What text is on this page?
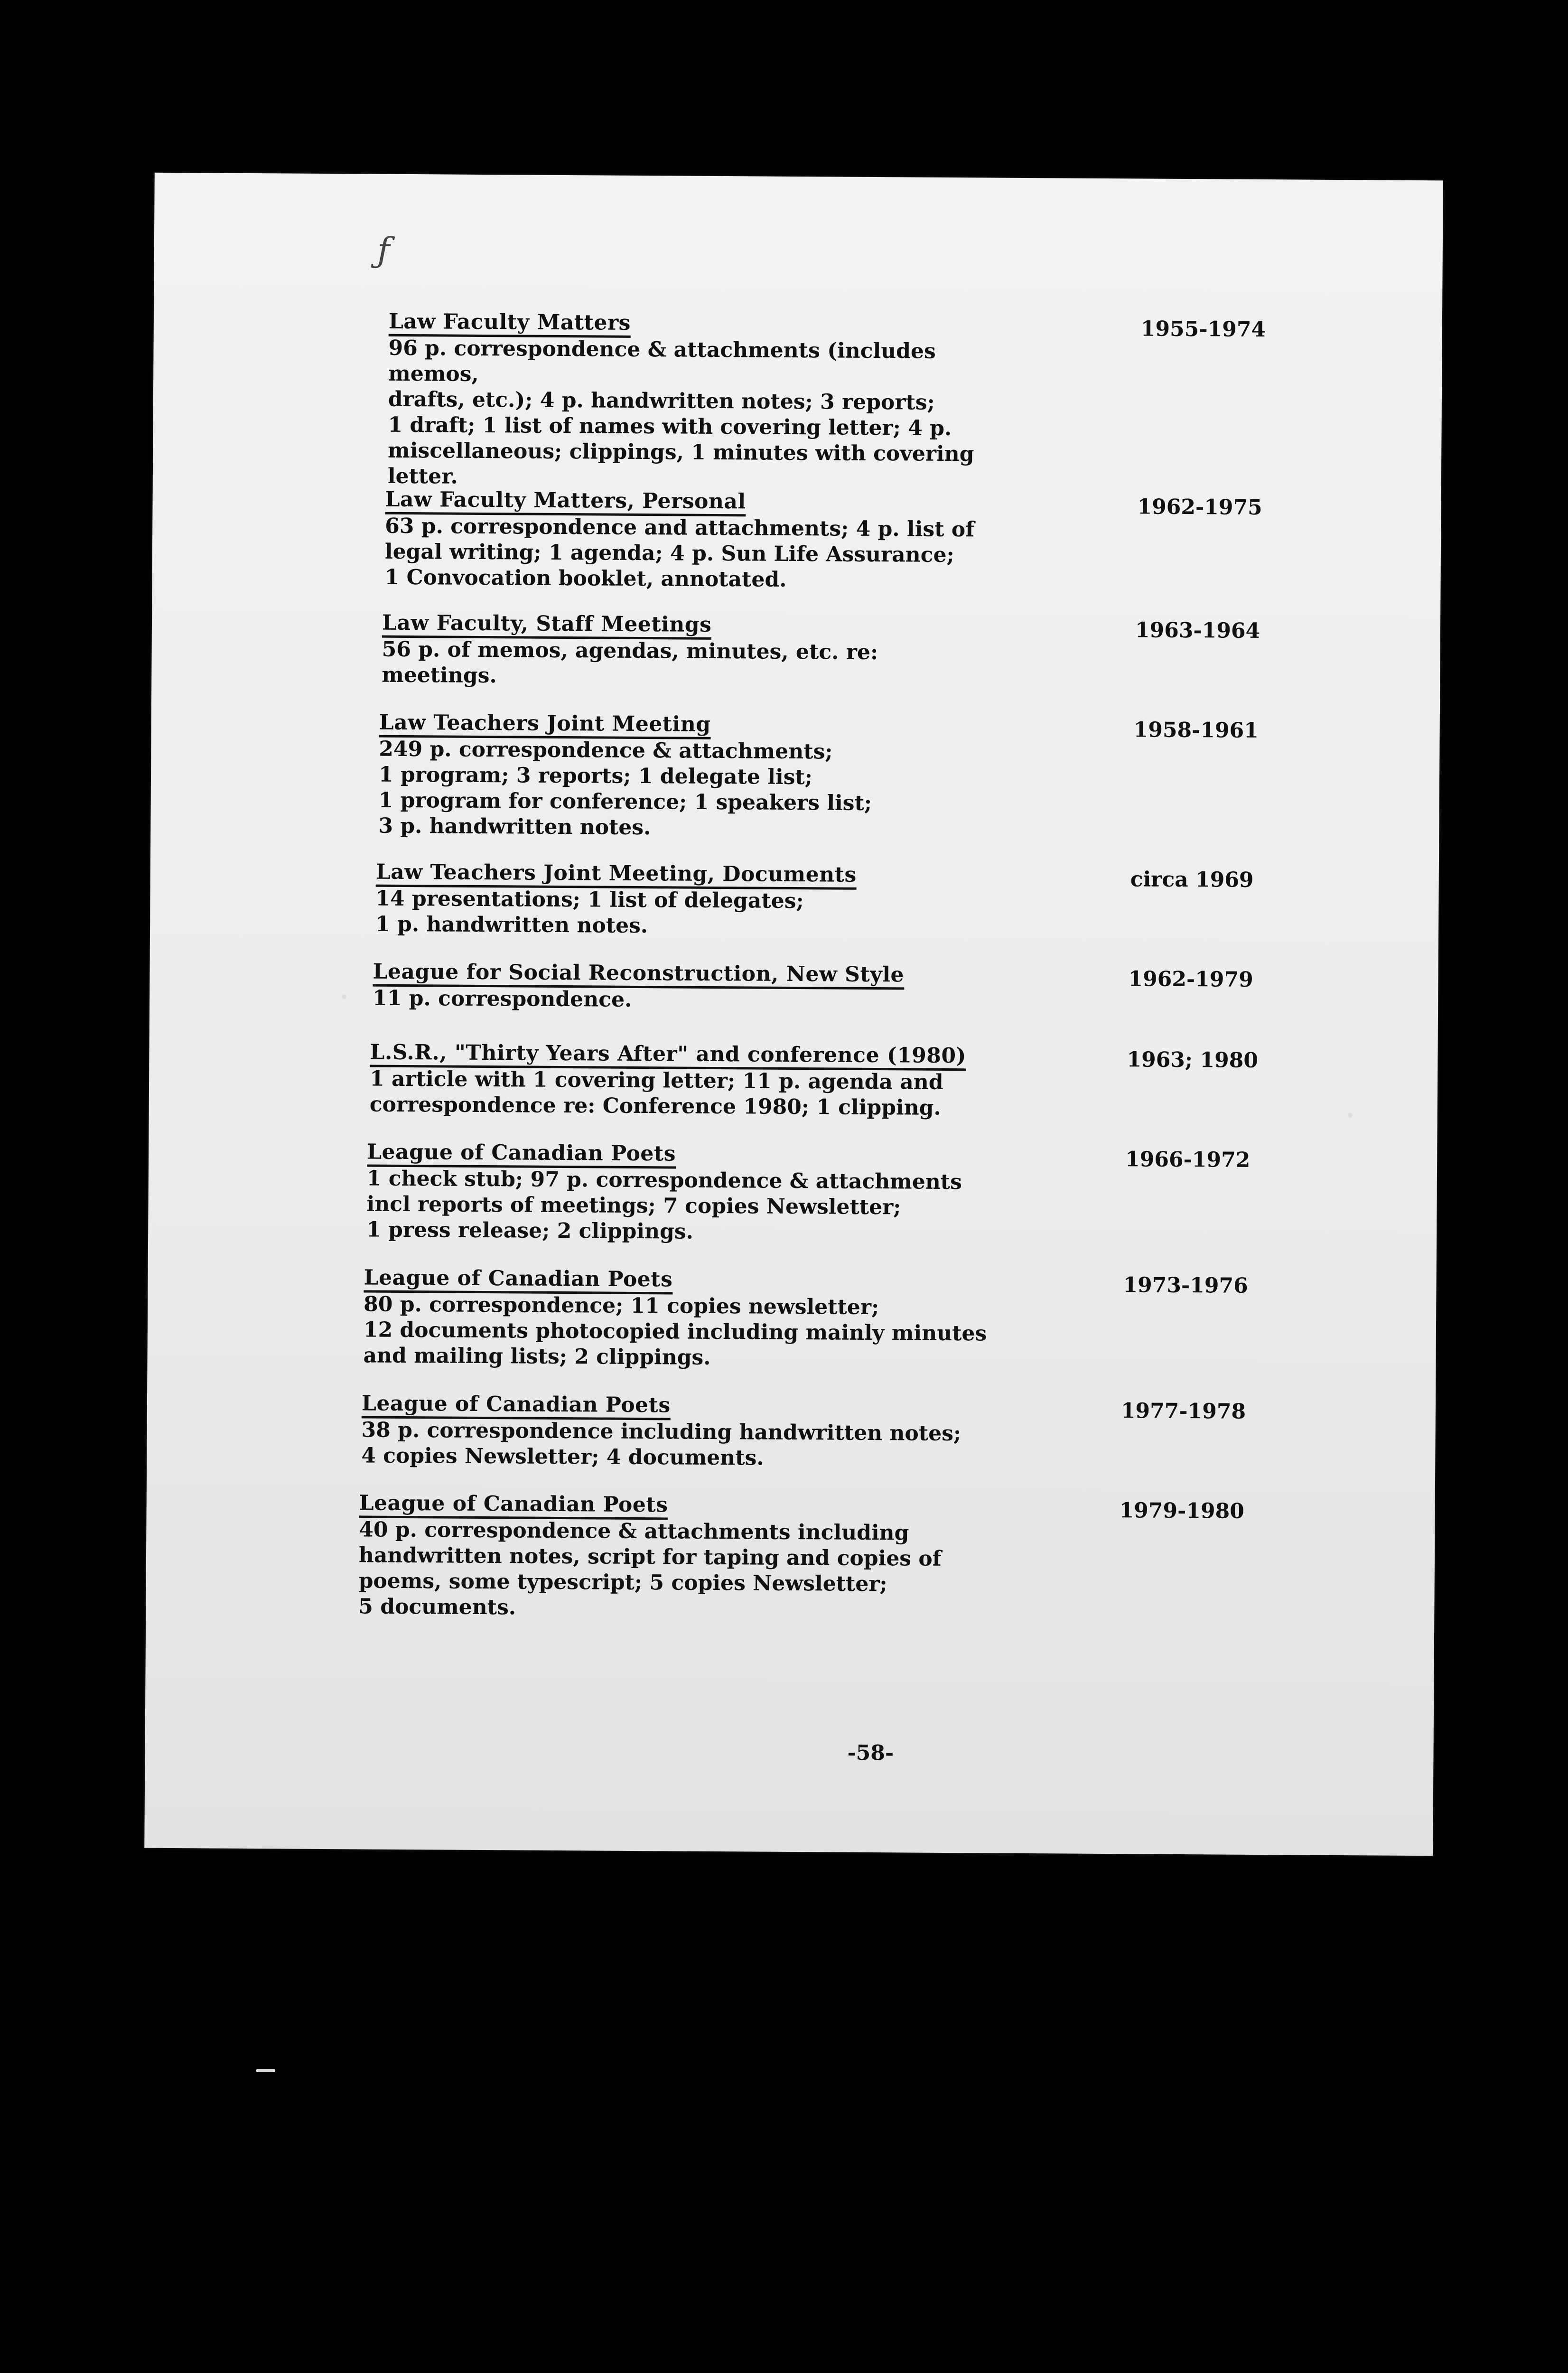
ƒ
Law Faculty Matters
96 p. correspondence & attachments (includes memos,
drafts, etc.); 4 p. handwritten notes; 3 reports;
1 draft; 1 list of names with covering letter; 4 p.
miscellaneous; clippings, 1 minutes with covering
letter.
1955-1974
Law Faculty Matters, Personal
63 p. correspondence and attachments; 4 p. list of
legal writing; 1 agenda; 4 p. Sun Life Assurance;
1 Convocation booklet, annotated.
1962-1975
Law Faculty, Staff Meetings
56 p. of memos, agendas, minutes, etc. re:
meetings.
1963-1964
Law Teachers Joint Meeting
249 p. correspondence & attachments;
1 program; 3 reports; 1 delegate list;
1 program for conference; 1 speakers list;
3 p. handwritten notes.
1958-1961
Law Teachers Joint Meeting, Documents
14 presentations; 1 list of delegates;
1 p. handwritten notes.
circa 1969
League for Social Reconstruction, New Style
11 p. correspondence.
1962-1979
L.S.R., "Thirty Years After" and conference (1980)
1 article with 1 covering letter; 11 p. agenda and
correspondence re: Conference 1980; 1 clipping.
1963; 1980
League of Canadian Poets
1 check stub; 97 p. correspondence & attachments
incl reports of meetings; 7 copies Newsletter;
1 press release; 2 clippings.
1966-1972
League of Canadian Poets
80 p. correspondence; 11 copies newsletter;
12 documents photocopied including mainly minutes
and mailing lists; 2 clippings.
1973-1976
League of Canadian Poets
38 p. correspondence including handwritten notes;
4 copies Newsletter; 4 documents.
1977-1978
League of Canadian Poets
40 p. correspondence & attachments including
handwritten notes, script for taping and copies of
poems, some typescript; 5 copies Newsletter;
5 documents.
1979-1980
-58-
